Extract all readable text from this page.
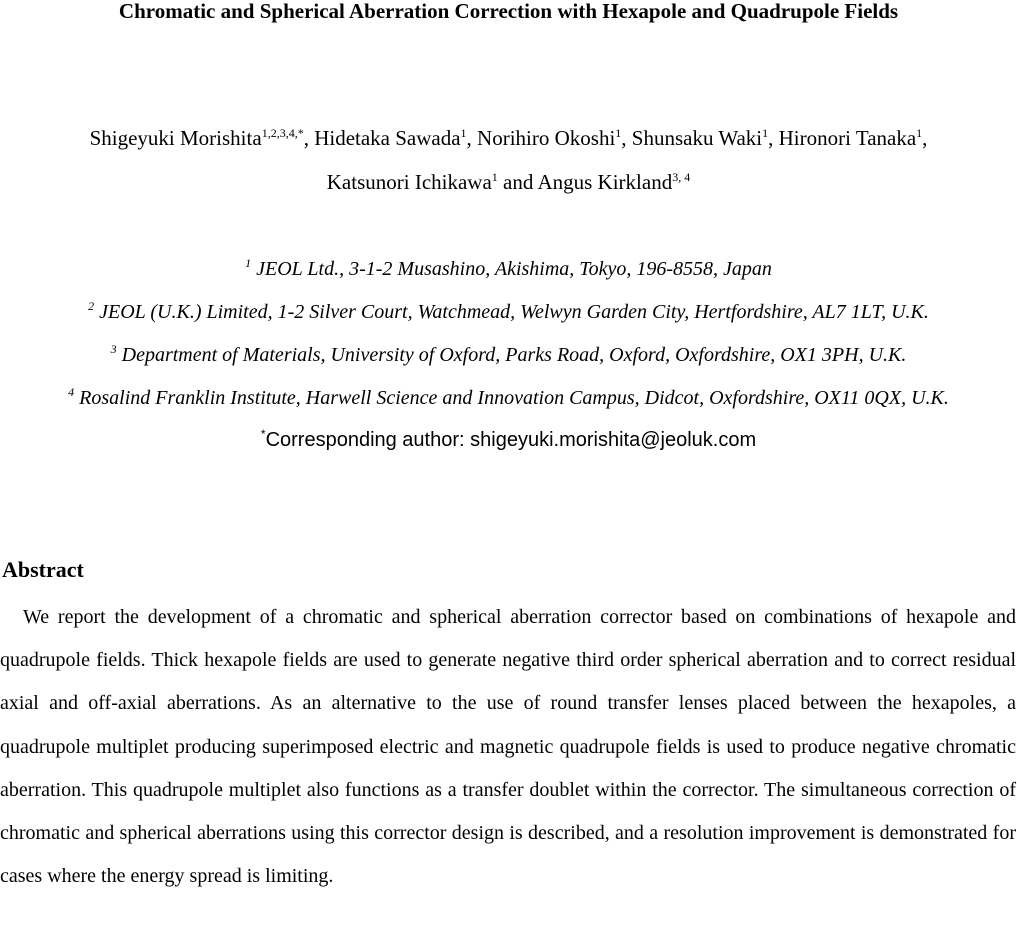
Chromatic and Spherical Aberration Correction with Hexapole and Quadrupole Fields
Shigeyuki Morishita$^{1,2,3,4,*}$, Hidetaka Sawada$^1$, Norihiro Okoshi$^1$, Shunsaku Waki$^1$, Hironori Tanaka$^1$,
Katsunori Ichikawa$^1$ and Angus Kirkland$^{3, 4}$
$^1$ JEOL Ltd., 3-1-2 Musashino, Akishima, Tokyo, 196-8558, Japan
$^2$ JEOL (U.K.) Limited, 1-2 Silver Court, Watchmead, Welwyn Garden City, Hertfordshire, AL7 1LT, U.K.
$^3$ Department of Materials, University of Oxford, Parks Road, Oxford, Oxfordshire, OX1 3PH, U.K.
$^4$ Rosalind Franklin Institute, Harwell Science and Innovation Campus, Didcot, Oxfordshire, OX11 0QX, U.K.
*Corresponding author: shigeyuki.morishita@jeoluk.com
Abstract
We report the development of a chromatic and spherical aberration corrector based on combinations of hexapole and quadrupole fields. Thick hexapole fields are used to generate negative third order spherical aberration and to correct residual axial and off-axial aberrations. As an alternative to the use of round transfer lenses placed between the hexapoles, a quadrupole multiplet producing superimposed electric and magnetic quadrupole fields is used to produce negative chromatic aberration. This quadrupole multiplet also functions as a transfer doublet within the corrector. The simultaneous correction of chromatic and spherical aberrations using this corrector design is described, and a resolution improvement is demonstrated for cases where the energy spread is limiting.
